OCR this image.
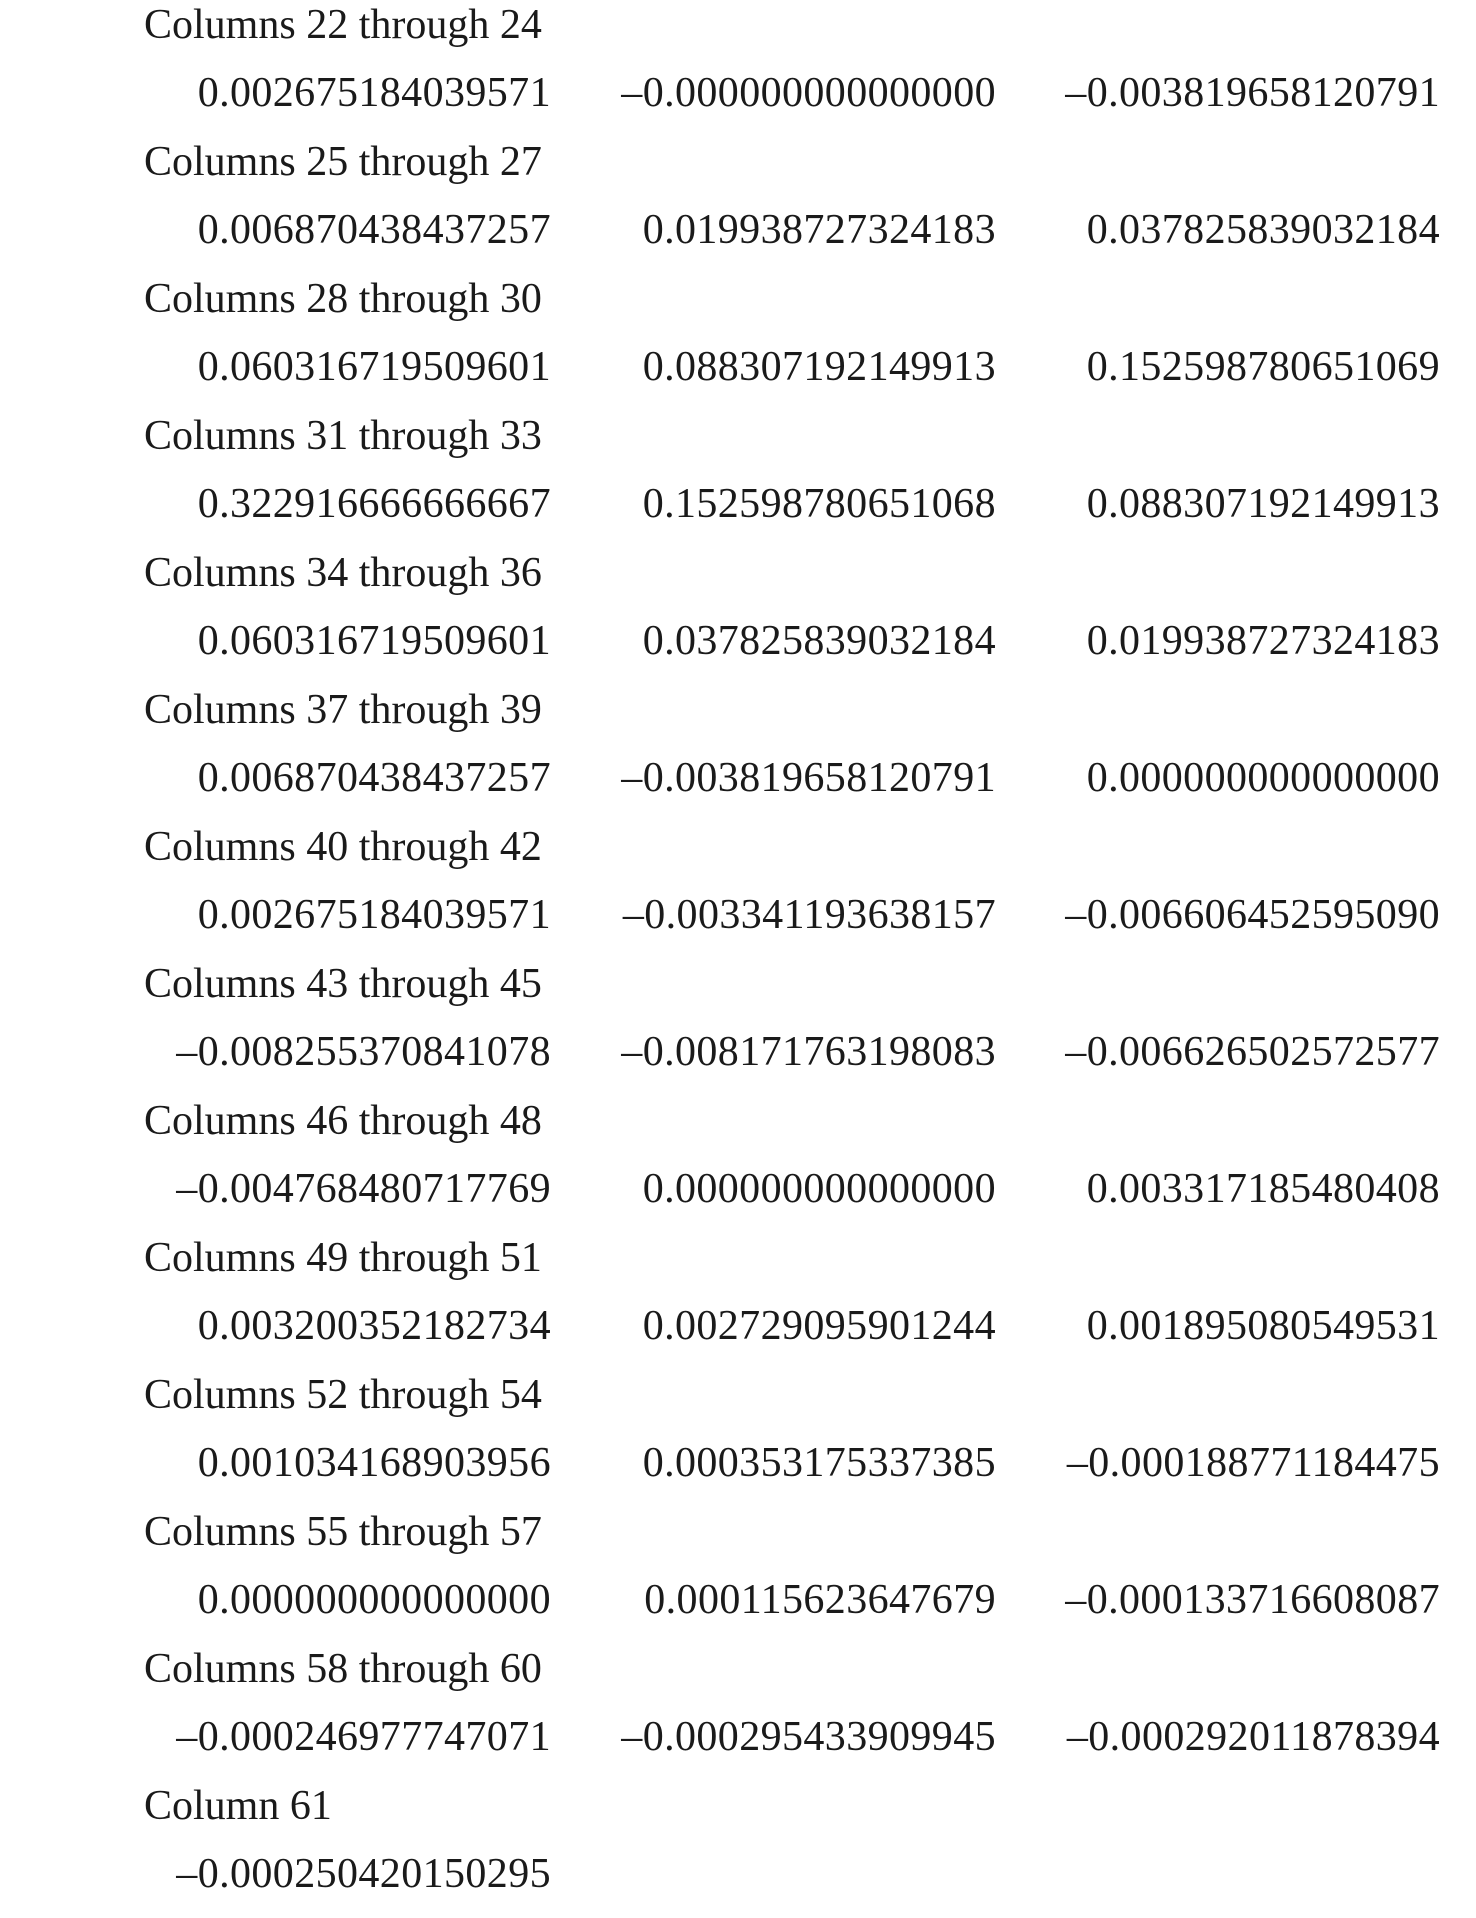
Columns 22 through 24
0.002675184039571	–0.000000000000000	–0.003819658120791
Columns 25 through 27
0.006870438437257	0.019938727324183	0.037825839032184
Columns 28 through 30
0.060316719509601	0.088307192149913	0.152598780651069
Columns 31 through 33
0.322916666666667	0.152598780651068	0.088307192149913
Columns 34 through 36
0.060316719509601	0.037825839032184	0.019938727324183
Columns 37 through 39
0.006870438437257	–0.003819658120791	0.000000000000000
Columns 40 through 42
0.002675184039571	–0.003341193638157	–0.006606452595090
Columns 43 through 45
–0.008255370841078	–0.008171763198083	–0.006626502572577
Columns 46 through 48
–0.004768480717769	0.000000000000000	0.003317185480408
Columns 49 through 51
0.003200352182734	0.002729095901244	0.001895080549531
Columns 52 through 54
0.001034168903956	0.000353175337385	–0.000188771184475
Columns 55 through 57
0.000000000000000	0.000115623647679	–0.000133716608087
Columns 58 through 60
–0.000246977747071	–0.000295433909945	–0.000292011878394
Column 61
–0.000250420150295
